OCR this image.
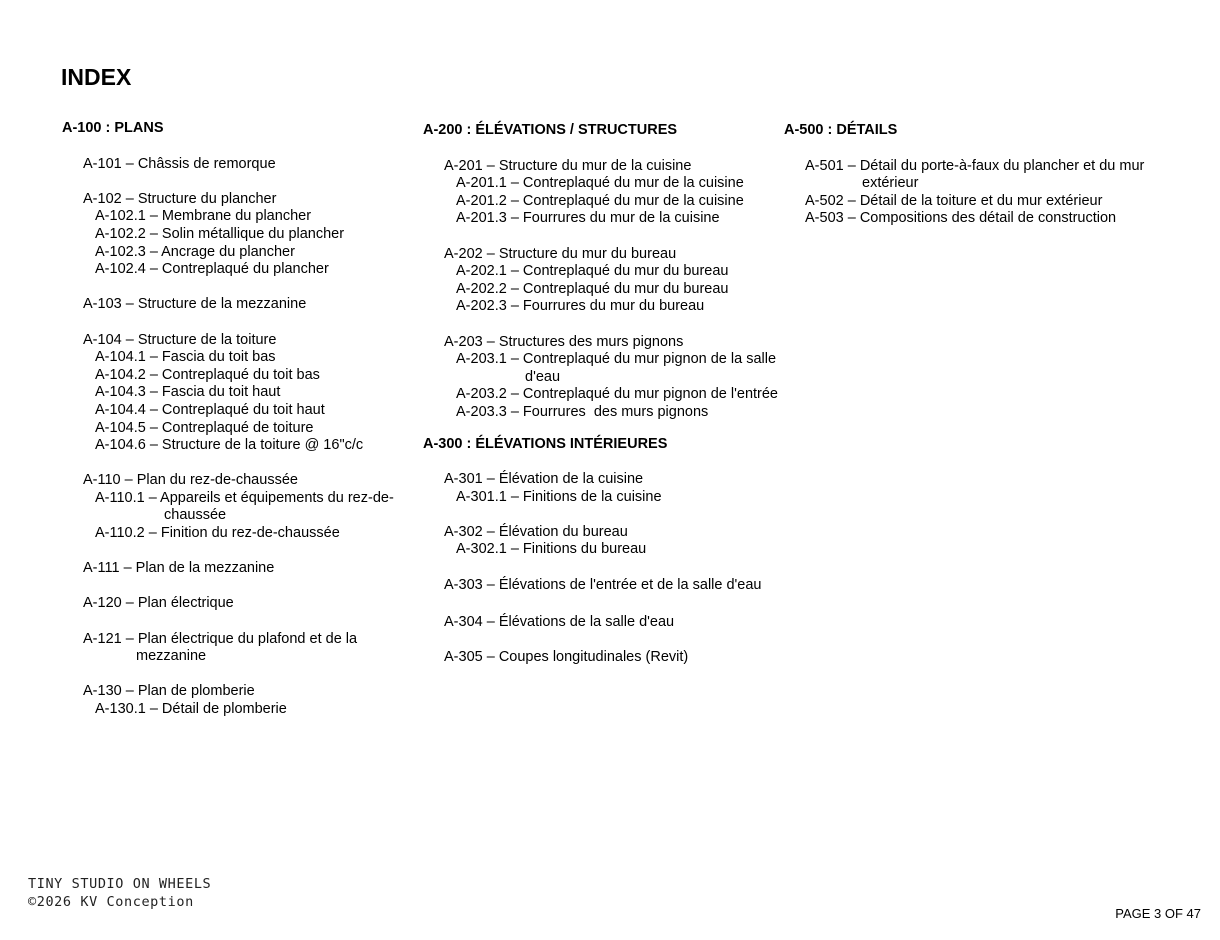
INDEX
A-100 : PLANS
A-101 – Châssis de remorque
A-102 – Structure du plancher
A-102.1 – Membrane du plancher
A-102.2 – Solin métallique du plancher
A-102.3 – Ancrage du plancher
A-102.4 – Contreplaqué du plancher
A-103 – Structure de la mezzanine
A-104 – Structure de la toiture
A-104.1 – Fascia du toit bas
A-104.2 – Contreplaqué du toit bas
A-104.3 – Fascia du toit haut
A-104.4 – Contreplaqué du toit haut
A-104.5 – Contreplaqué de toiture
A-104.6 – Structure de la toiture @ 16"c/c
A-110 – Plan du rez-de-chaussée
A-110.1 – Appareils et équipements du rez-de-chaussée
A-110.2 – Finition du rez-de-chaussée
A-111 – Plan de la mezzanine
A-120 – Plan électrique
A-121 – Plan électrique du plafond et de la mezzanine
A-130 – Plan de plomberie
A-130.1 – Détail de plomberie
A-200 : ÉLÉVATIONS / STRUCTURES
A-201 – Structure du mur de la cuisine
A-201.1 – Contreplaqué du mur de la cuisine
A-201.2 – Contreplaqué du mur de la cuisine
A-201.3 – Fourrures du mur de la cuisine
A-202 – Structure du mur du bureau
A-202.1 – Contreplaqué du mur du bureau
A-202.2 – Contreplaqué du mur du bureau
A-202.3 – Fourrures du mur du bureau
A-203 – Structures des murs pignons
A-203.1 – Contreplaqué du mur pignon de la salle d'eau
A-203.2 – Contreplaqué du mur pignon de l'entrée
A-203.3 – Fourrures  des murs pignons
A-300 : ÉLÉVATIONS INTÉRIEURES
A-301 – Élévation de la cuisine
A-301.1 – Finitions de la cuisine
A-302 – Élévation du bureau
A-302.1 – Finitions du bureau
A-303 – Élévations de l'entrée et de la salle d'eau
A-304 – Élévations de la salle d'eau
A-305 – Coupes longitudinales (Revit)
A-500 : DÉTAILS
A-501 – Détail du porte-à-faux du plancher et du mur extérieur
A-502 – Détail de la toiture et du mur extérieur
A-503 – Compositions des détail de construction
TINY STUDIO ON WHEELS
©2026 KV Conception
PAGE 3 OF 47
